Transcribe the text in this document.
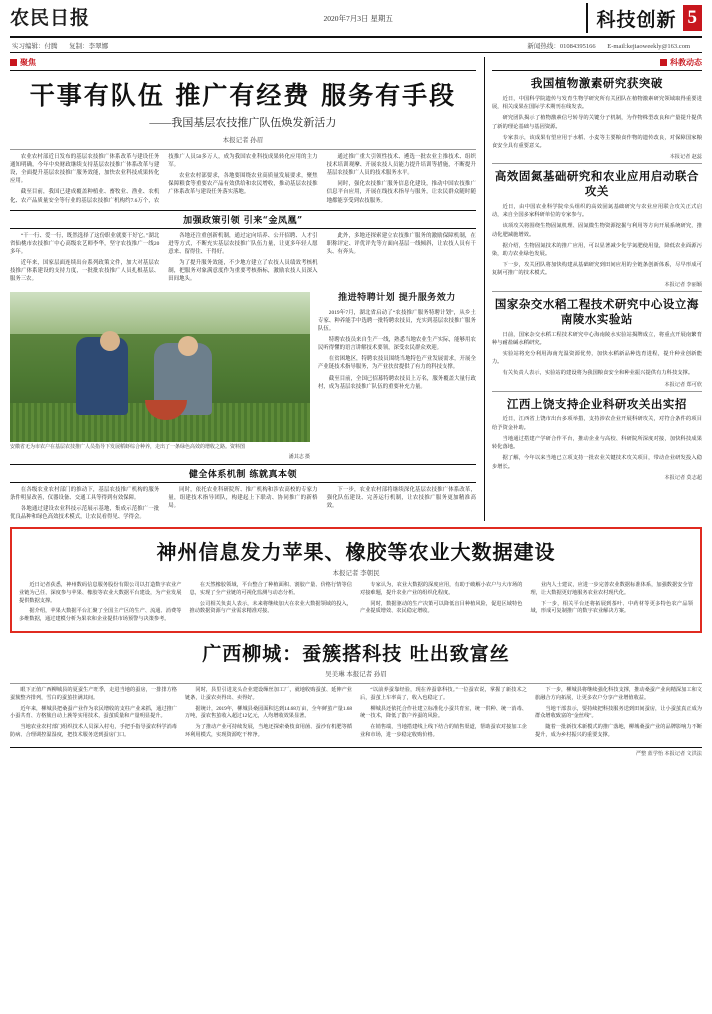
农民日报	2020年7月3日 星期五	科技创新 5
实习编辑：付腾 复制：李翠娜	新闻热线：01084395166 E-mail:kejiaoweekly@163.com
聚焦
干事有队伍 推广有经费 服务有手段
——我国基层农技推广队伍焕发新活力
本报记者 孙眉

农业农村部近日发布的基层农技推广体系改革与建设任务通知明确，今年中央财政继续支持基层农技推广体系改革与建设，全面提升基层农技推广服务效能，加快农业科技成果转化应用。

截至目前，我国已建成覆盖种植业、畜牧业、渔业、农机化、农产品质量安全等行业的基层农技推广机构约7.6万个，农技推广人员50多万人，成为我国农业科技成果转化应用的主力军。

农业农村部要求，各地要围绕农业高质量发展要求，聚焦保障粮食等重要农产品有效供给和农民增收，推动基层农技推广体系改革与建设任务落实落地。

通过推广重大引领性技术、遴选一批农业主推技术、组织技术培训观摩、开展农技人员能力提升培训等措施，不断提升基层农技推广人员的技术服务水平。

同时，强化农技推广服务信息化建设，推动中国农技推广信息平台应用，开展在线技术指导与服务，让农民群众随时随地都能享受到农技服务。

加强政策引领 引来“金凤凰”

“干一行、爱一行，既然选择了这份职业就要干好它。”湖北省仙桃市农技推广中心高级农艺师李华，坚守农技推广一线20多年。

近年来，国家层面连续出台系列政策文件，加大对基层农技推广体系建设的支持力度，一批批农技推广人员扎根基层、服务三农。

各地还注重创新机制，通过定向培养、公开招聘、人才引进等方式，不断充实基层农技推广队伍力量，让更多年轻人愿意来、留得住、干得好。

为了提升服务效能，不少地方建立了农技人员绩效考核机制，把服务对象满意度作为重要考核指标，激励农技人员深入田间地头。

此外，多地还探索建立农技推广服务的激励保障机制，在职称评定、评优评先等方面向基层一线倾斜，让农技人员有干头、有奔头。

安徽省无为市农户在基层农技推广人员指导下发展稻虾综合种养，走出了一条绿色高效的增收之路。资料图
潘其志 摄
推进特聘计划 提升服务效力

2019年7月，湖北省启动了“农技推广服务特聘计划”，从乡土专家、种养能手中选聘一批特聘农技员，充实到基层农技推广服务队伍。

特聘农技员来自生产一线，熟悉当地农业生产实际，能够用农民听得懂的语言讲解技术要领，深受农民群众欢迎。

在贫困地区，特聘农技员围绕当地特色产业发展需求，开展全产业链技术指导服务，为产业扶贫提供了有力的科技支撑。

截至目前，全国已招募特聘农技员上万名，服务覆盖大量行政村，成为基层农技推广队伍的重要补充力量。

健全体系机制 练就真本领

在各级农业农村部门的推动下，基层农技推广机构的服务条件明显改善，仪器设备、交通工具等得到有效保障。

各地通过建设农业科技示范展示基地，集成示范推广一批优良品种和绿色高效技术模式，让农民看得见、学得会。

同时，依托农业科研院所、推广机构和涉农高校的专家力量，组建技术指导团队，构建起上下联动、协同推广的新格局。

下一步，农业农村部将继续深化基层农技推广体系改革，强化队伍建设、完善运行机制，让农技推广服务更加精准高效。

科教动态
我国植物激素研究获突破

近日，中国科学院遗传与发育生物学研究所有关团队在植物激素研究领域取得重要进展，相关成果在国际学术期刊在线发表。

研究团队揭示了植物激素信号转导的关键分子机制，为作物株型改良和产量提升提供了新的理论基础与基因资源。

专家表示，该成果有望应用于水稻、小麦等主要粮食作物的遗传改良，对保障国家粮食安全具有重要意义。

本报记者 赵蕊
高效固氮基础研究和农业应用启动联合攻关

近日，由中国农业科学院牵头组织的高效固氮基础研究与农业应用联合攻关正式启动，来自全国多家科研单位的专家参与。

该项攻关将围绕生物固氮机理、固氮微生物资源挖掘与利用等方向开展系统研究，推动化肥减施增效。

据介绍，生物固氮技术的推广应用，可以显著减少化学氮肥使用量，降低农业面源污染，助力农业绿色发展。

下一步，攻关团队将加快构建从基础研究到田间应用的全链条创新体系，尽早形成可复制可推广的技术模式。

本报记者 李丽颖
国家杂交水稻工程技术研究中心设立海南陵水实验站

日前，国家杂交水稻工程技术研究中心海南陵水实验站揭牌成立，将重点开展南繁育种与耐盐碱水稻研究。

实验站将充分利用海南光温资源优势，加快水稻新品种选育进程，提升种业创新能力。

有关负责人表示，实验站的建设将为我国粮食安全和种业振兴提供有力科技支撑。

本报记者 郑可欣
江西上饶支持企业科研攻关出实招

近日，江西省上饶市出台多项举措，支持涉农企业开展科研攻关，对符合条件的项目给予资金补助。

当地通过搭建产学研合作平台，推动企业与高校、科研院所深度对接，加快科技成果转化落地。

据了解，今年以来当地已立项支持一批农业关键技术攻关项目，带动企业研发投入稳步增长。

本报记者 莫志超
神州信息发力苹果、橡胶等农业大数据建设
本报记者 李朝民

近日记者获悉，神州数码信息服务股份有限公司以打造数字农业产业链为己任，深度参与苹果、橡胶等农业大数据平台建设，为产业发展提供数据支撑。

据介绍，苹果大数据平台汇聚了全国主产区的生产、流通、消费等多维数据，通过建模分析为果农和企业提供市场预警与决策参考。

在天然橡胶领域，平台整合了种植面积、割胶产量、价格行情等信息，实现了全产业链的可视化监测与动态分析。

公司相关负责人表示，未来将继续加大在农业大数据领域的投入，推动数据资源与产业需求精准对接。

专家认为，农业大数据的深度应用，有助于破解小农户与大市场的对接难题，提升农业产业的组织化程度。

同时，数据驱动的生产决策可以降低盲目种植风险，促进区域特色产业提质增效、农民稳定增收。

业内人士建议，应进一步完善农业数据标准体系，加强数据安全管理，让大数据更好地服务农业农村现代化。

下一步，相关平台还将拓展到茶叶、中药材等更多特色农产品领域，形成可复制推广的数字农业解决方案。

广西柳城：蚕簇搭科技 吐出致富丝
吴美琳 本报记者 孙眉

眼下正值广西柳城县的夏蚕生产旺季，走进当地的蚕房，一排排方格蚕簇整齐排列，雪白的蚕茧挂满其间。

近年来，柳城县把桑蚕产业作为农民增收的支柱产业来抓，通过推广小蚕共育、方格簇自动上蔟等实用技术，蚕茧质量和产量明显提升。

当地农业农村部门组织技术人员深入村屯，手把手指导蚕农科学消毒防病、合理调控温湿度，把技术服务送到蚕房门口。

同时，县里引进龙头企业建设缫丝加工厂，就地收购蚕茧、延伸产业链条，让蚕农卖得出、卖得好。

据统计，2019年，柳城县桑园面积达到14.68万亩，全年鲜茧产量1.68万吨，蚕农售茧收入超过12亿元，人均增收效果显著。

为了推动产业可持续发展，当地还探索桑枝食用菌、蚕沙有机肥等循环利用模式，实现资源吃干榨净。

“以前养蚕靠经验，现在养蚕靠科技。”一位蚕农说，掌握了新技术之后，蚕茧上车率高了，收入也稳定了。

柳城县还依托合作社建立标准化小蚕共育室，统一供种、统一消毒、统一技术，降低了散户养蚕的风险。

在销售端，当地搭建线上线下结合的销售渠道，帮助蚕农对接加工企业和市场，进一步稳定收购价格。

下一步，柳城县将继续强化科技支撑，推动桑蚕产业向精深加工和文旅融合方向拓展，让更多农户分享产业增值收益。

当地干部表示，要持续把科技服务送到田间蚕房，让小蚕茧真正成为群众增收致富的“金丝线”。

随着一批新技术新模式的推广落地，柳城桑蚕产业的品牌影响力不断提升，成为乡村振兴的重要支撑。

严整 蓝学怡 本报记者 文洪法
